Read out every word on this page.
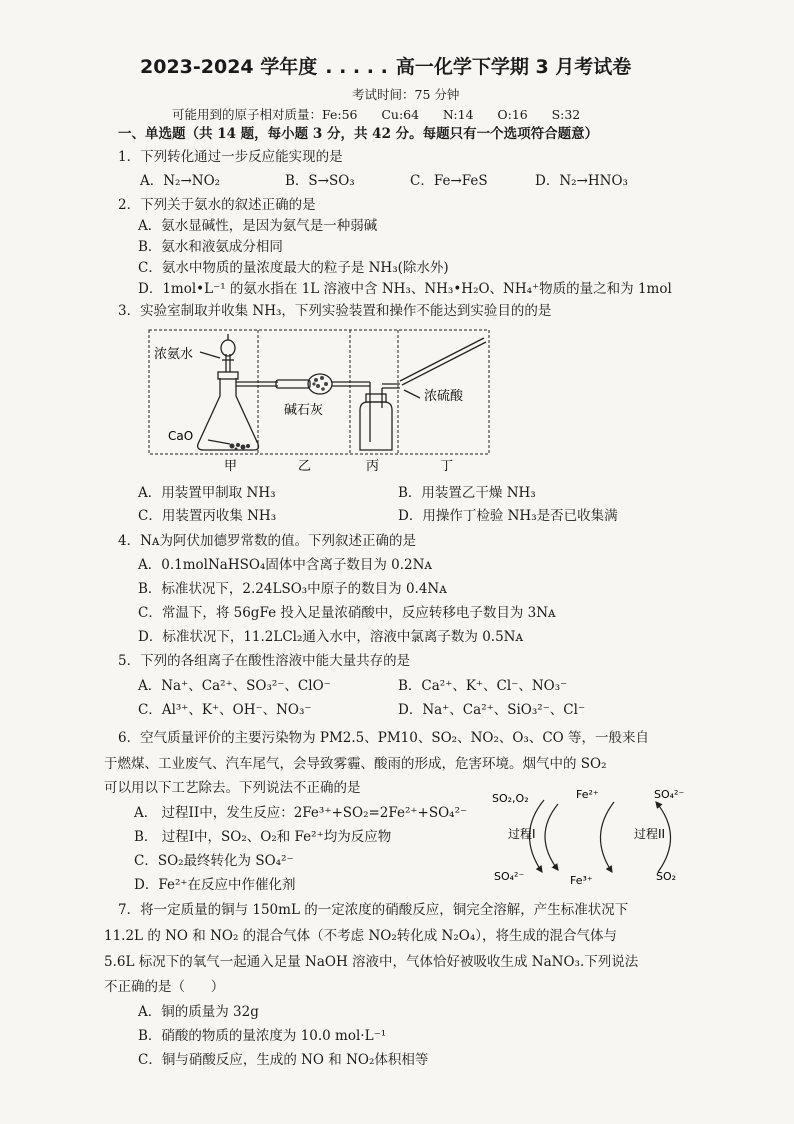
2023-2024 学年度 . . . . . 高一化学下学期 3 月考试卷
考试时间：75 分钟
可能用到的原子相对质量：Fe:56      Cu:64      N:14      O:16      S:32
一、单选题（共 14 题，每小题 3 分，共 42 分。每题只有一个选项符合题意）
1．下列转化通过一步反应能实现的是
A．N₂→NO₂	B．S→SO₃	C．Fe→FeS	D．N₂→HNO₃
2．下列关于氨水的叙述正确的是
A．氨水显碱性，是因为氨气是一种弱碱
B．氨水和液氨成分相同
C．氨水中物质的量浓度最大的粒子是 NH₃(除水外)
D．1mol•L⁻¹ 的氨水指在 1L 溶液中含 NH₃、NH₃•H₂O、NH₄⁺物质的量之和为 1mol
3．实验室制取并收集 NH₃，下列实验装置和操作不能达到实验目的的是
浓氨水
CaO
碱石灰
浓硫酸
甲	乙	丙	丁
A．用装置甲制取 NH₃	B．用装置乙干燥 NH₃
C．用装置丙收集 NH₃	D．用操作丁检验 NH₃是否已收集满
4．Nᴀ为阿伏加德罗常数的值。下列叙述正确的是
A．0.1molNaHSO₄固体中含离子数目为 0.2Nᴀ
B．标准状况下，2.24LSO₃中原子的数目为 0.4Nᴀ
C．常温下，将 56gFe 投入足量浓硝酸中，反应转移电子数目为 3Nᴀ
D．标准状况下，11.2LCl₂通入水中，溶液中氯离子数为 0.5Nᴀ
5．下列的各组离子在酸性溶液中能大量共存的是
A．Na⁺、Ca²⁺、SO₃²⁻、ClO⁻	B．Ca²⁺、K⁺、Cl⁻、NO₃⁻
C．Al³⁺、K⁺、OH⁻、NO₃⁻	D．Na⁺、Ca²⁺、SiO₃²⁻、Cl⁻
6．空气质量评价的主要污染物为 PM2.5、PM10、SO₂、NO₂、O₃、CO 等，一般来自
于燃煤、工业废气、汽车尾气，会导致雾霾、酸雨的形成，危害环境。烟气中的 SO₂
可以用以下工艺除去。下列说法不正确的是
A． 过程II中，发生反应：2Fe³⁺+SO₂=2Fe²⁺+SO₄²⁻
B． 过程I中，SO₂、O₂和 Fe²⁺均为反应物
C．SO₂最终转化为 SO₄²⁻
D．Fe²⁺在反应中作催化剂
SO₂,O₂	Fe²⁺	SO₄²⁻
过程I	过程II
SO₄²⁻	Fe³⁺	SO₂
7．将一定质量的铜与 150mL 的一定浓度的硝酸反应，铜完全溶解，产生标准状况下
11.2L 的 NO 和 NO₂ 的混合气体（不考虑 NO₂转化成 N₂O₄），将生成的混合气体与
5.6L 标况下的氧气一起通入足量 NaOH 溶液中，气体恰好被吸收生成 NaNO₃.下列说法
不正确的是（      ）
A．铜的质量为 32g
B．硝酸的物质的量浓度为 10.0 mol·L⁻¹
C．铜与硝酸反应，生成的 NO 和 NO₂体积相等
